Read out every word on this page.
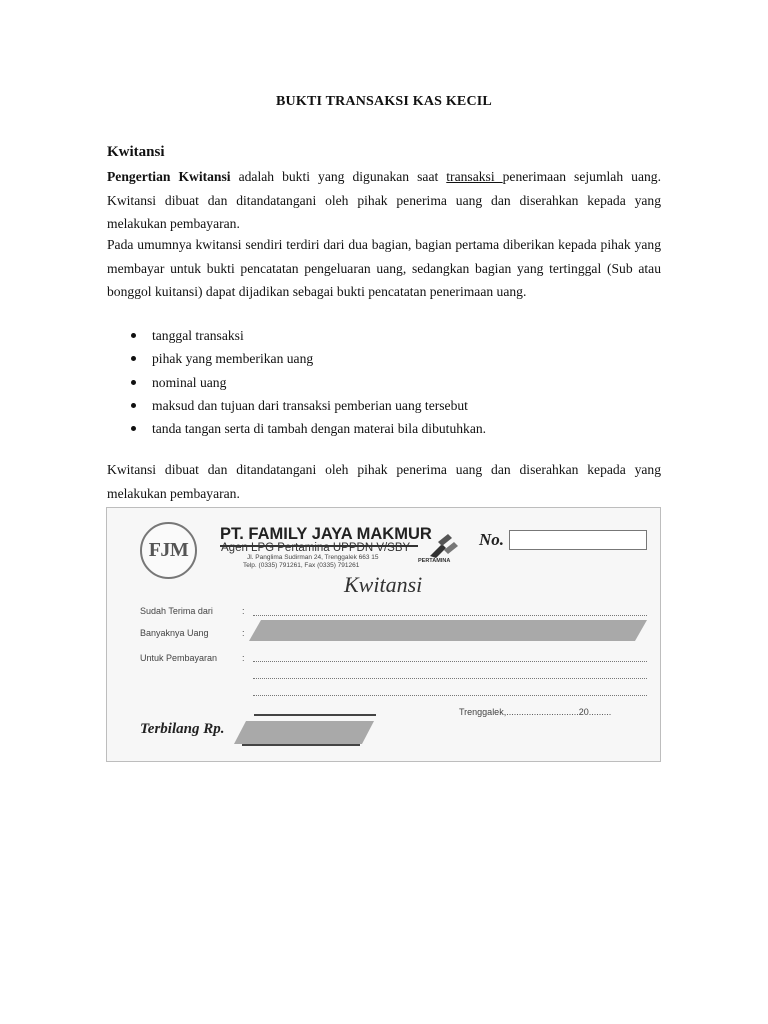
BUKTI TRANSAKSI KAS KECIL
Kwitansi
Pengertian Kwitansi adalah bukti yang digunakan saat transaksi penerimaan sejumlah uang. Kwitansi dibuat dan ditandatangani oleh pihak penerima uang dan diserahkan kepada yang melakukan pembayaran.
Pada umumnya kwitansi sendiri terdiri dari dua bagian, bagian pertama diberikan kepada pihak yang membayar untuk bukti pencatatan pengeluaran uang, sedangkan bagian yang tertinggal (Sub atau bonggol kuitansi) dapat dijadikan sebagai bukti pencatatan penerimaan uang.
tanggal transaksi
pihak yang memberikan uang
nominal uang
maksud dan tujuan dari transaksi pemberian uang tersebut
tanda tangan serta di tambah dengan materai bila dibutuhkan.
Kwitansi dibuat dan ditandatangani oleh pihak penerima uang dan diserahkan kepada yang melakukan pembayaran.
FJM
PT. FAMILY JAYA MAKMUR
Agen LPG Pertamina UPPDN V/SBY
Jl. Panglima Sudirman 24, Trenggalek 663 15
Telp. (0335) 791261, Fax (0335) 791261
PERTAMINA
No.
Kwitansi
Sudah Terima dari	:
Banyaknya Uang	:
Untuk Pembayaran	:
Trenggalek,.............................20.........
Terbilang Rp.
